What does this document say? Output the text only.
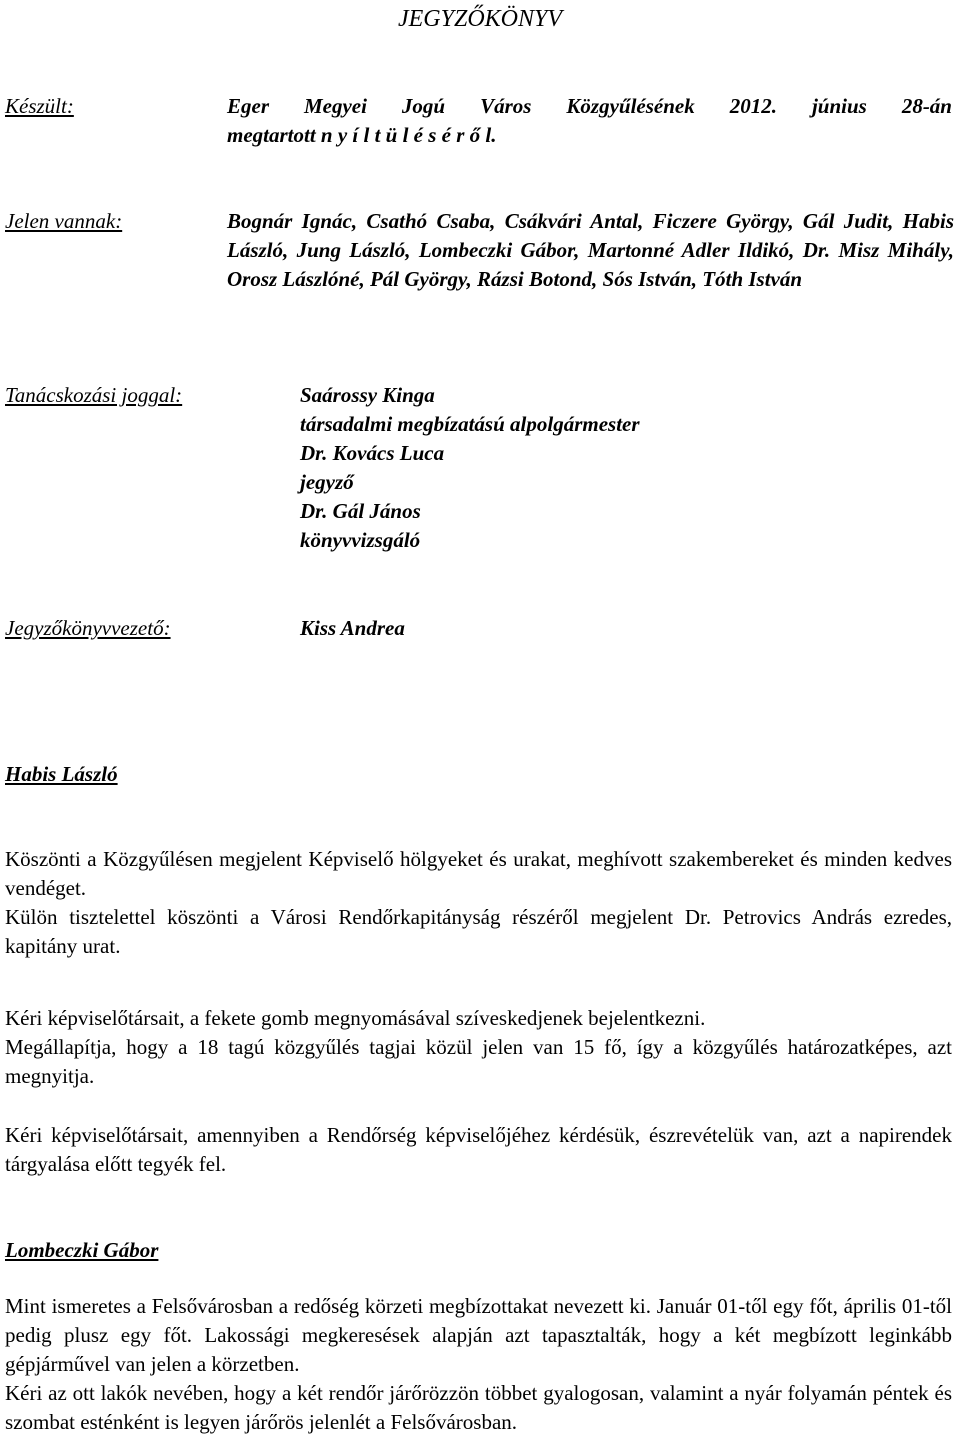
JEGYZŐKÖNYV
Készült:	Eger Megyei Jogú Város Közgyűlésének 2012. június 28-án
megtartott n y í l t ü l é s é r ő l.
Jelen vannak:	Bognár Ignác, Csathó Csaba, Csákvári Antal, Ficzere György, Gál Judit, Habis László, Jung László, Lombeczki Gábor, Martonné Adler Ildikó, Dr. Misz Mihály, Orosz Lászlóné, Pál György, Rázsi Botond, Sós István, Tóth István
Tanácskozási joggal:	Saárossy Kinga
társadalmi megbízatású alpolgármester
Dr. Kovács Luca
jegyző
Dr. Gál János
könyvvizsgáló
Jegyzőkönyvvezető:	Kiss Andrea
Habis László

Köszönti a Közgyűlésen megjelent Képviselő hölgyeket és urakat, meghívott szakembereket és minden kedves vendéget.

Külön tisztelettel köszönti a Városi Rendőrkapitányság részéről megjelent Dr. Petrovics András ezredes, kapitány urat.

Kéri képviselőtársait, a fekete gomb megnyomásával szíveskedjenek bejelentkezni.

Megállapítja, hogy a 18 tagú közgyűlés tagjai közül jelen van 15 fő, így a közgyűlés határozatképes, azt megnyitja.

Kéri képviselőtársait, amennyiben a Rendőrség képviselőjéhez kérdésük, észrevételük van, azt a napirendek tárgyalása előtt tegyék fel.

Lombeczki Gábor

Mint ismeretes a Felsővárosban a redőség körzeti megbízottakat nevezett ki. Január 01-től egy főt, április 01-től pedig plusz egy főt. Lakossági megkeresések alapján azt tapasztalták, hogy a két megbízott leginkább gépjárművel van jelen a körzetben.

Kéri az ott lakók nevében, hogy a két rendőr járőrözzön többet gyalogosan, valamint a nyár folyamán péntek és szombat esténként is legyen járőrös jelenlét a Felsővárosban.
